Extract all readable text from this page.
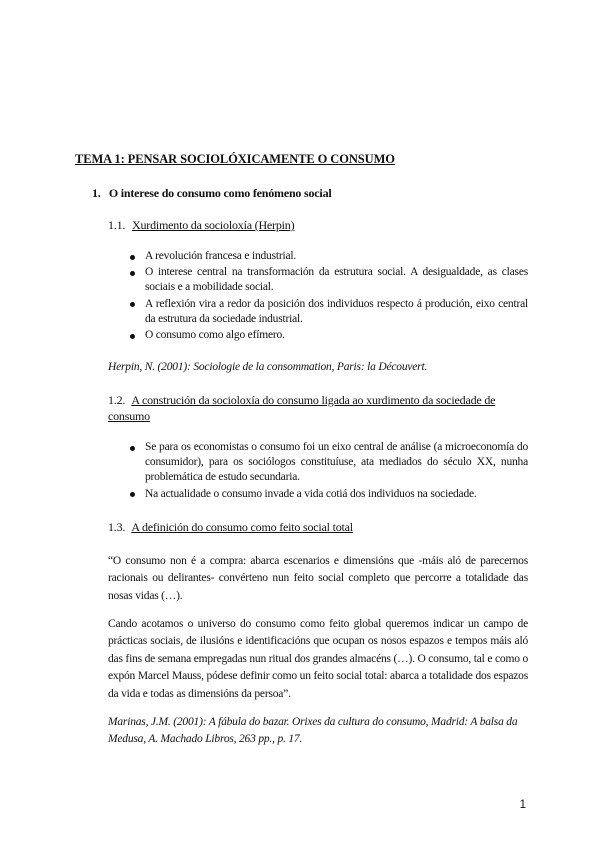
TEMA 1: PENSAR SOCIOLÓXICAMENTE O CONSUMO
1. O interese do consumo como fenómeno social
1.1. Xurdimento da socioloxía (Herpin)
A revolución francesa e industrial.
O interese central na transformación da estrutura social. A desigualdade, as clases sociais e a mobilidade social.
A reflexión vira a redor da posición dos individuos respecto á produción, eixo central da estrutura da sociedade industrial.
O consumo como algo efímero.
Herpin, N. (2001): Sociologie de la consommation, Paris: la Découvert.
1.2. A construción da socioloxía do consumo ligada ao xurdimento da sociedade de consumo
Se para os economistas o consumo foi un eixo central de análise (a microeconomía do consumidor), para os sociólogos constituíuse, ata mediados do século XX, nunha problemática de estudo secundaria.
Na actualidade o consumo invade a vida cotiá dos individuos na sociedade.
1.3. A definición do consumo como feito social total

“O consumo non é a compra: abarca escenarios e dimensións que -máis aló de parecernos racionais ou delirantes- convérteno nun feito social completo que percorre a totalidade das nosas vidas (…).

Cando acotamos o universo do consumo como feito global queremos indicar un campo de prácticas sociais, de ilusións e identificacións que ocupan os nosos espazos e tempos máis aló das fins de semana empregadas nun ritual dos grandes almacéns (…). O consumo, tal e como o expón Marcel Mauss, pódese definir como un feito social total: abarca a totalidade dos espazos da vida e todas as dimensións da persoa”.

Marinas, J.M. (2001): A fábula do bazar. Orixes da cultura do consumo, Madrid: A balsa da Medusa, A. Machado Libros, 263 pp., p. 17.
1
